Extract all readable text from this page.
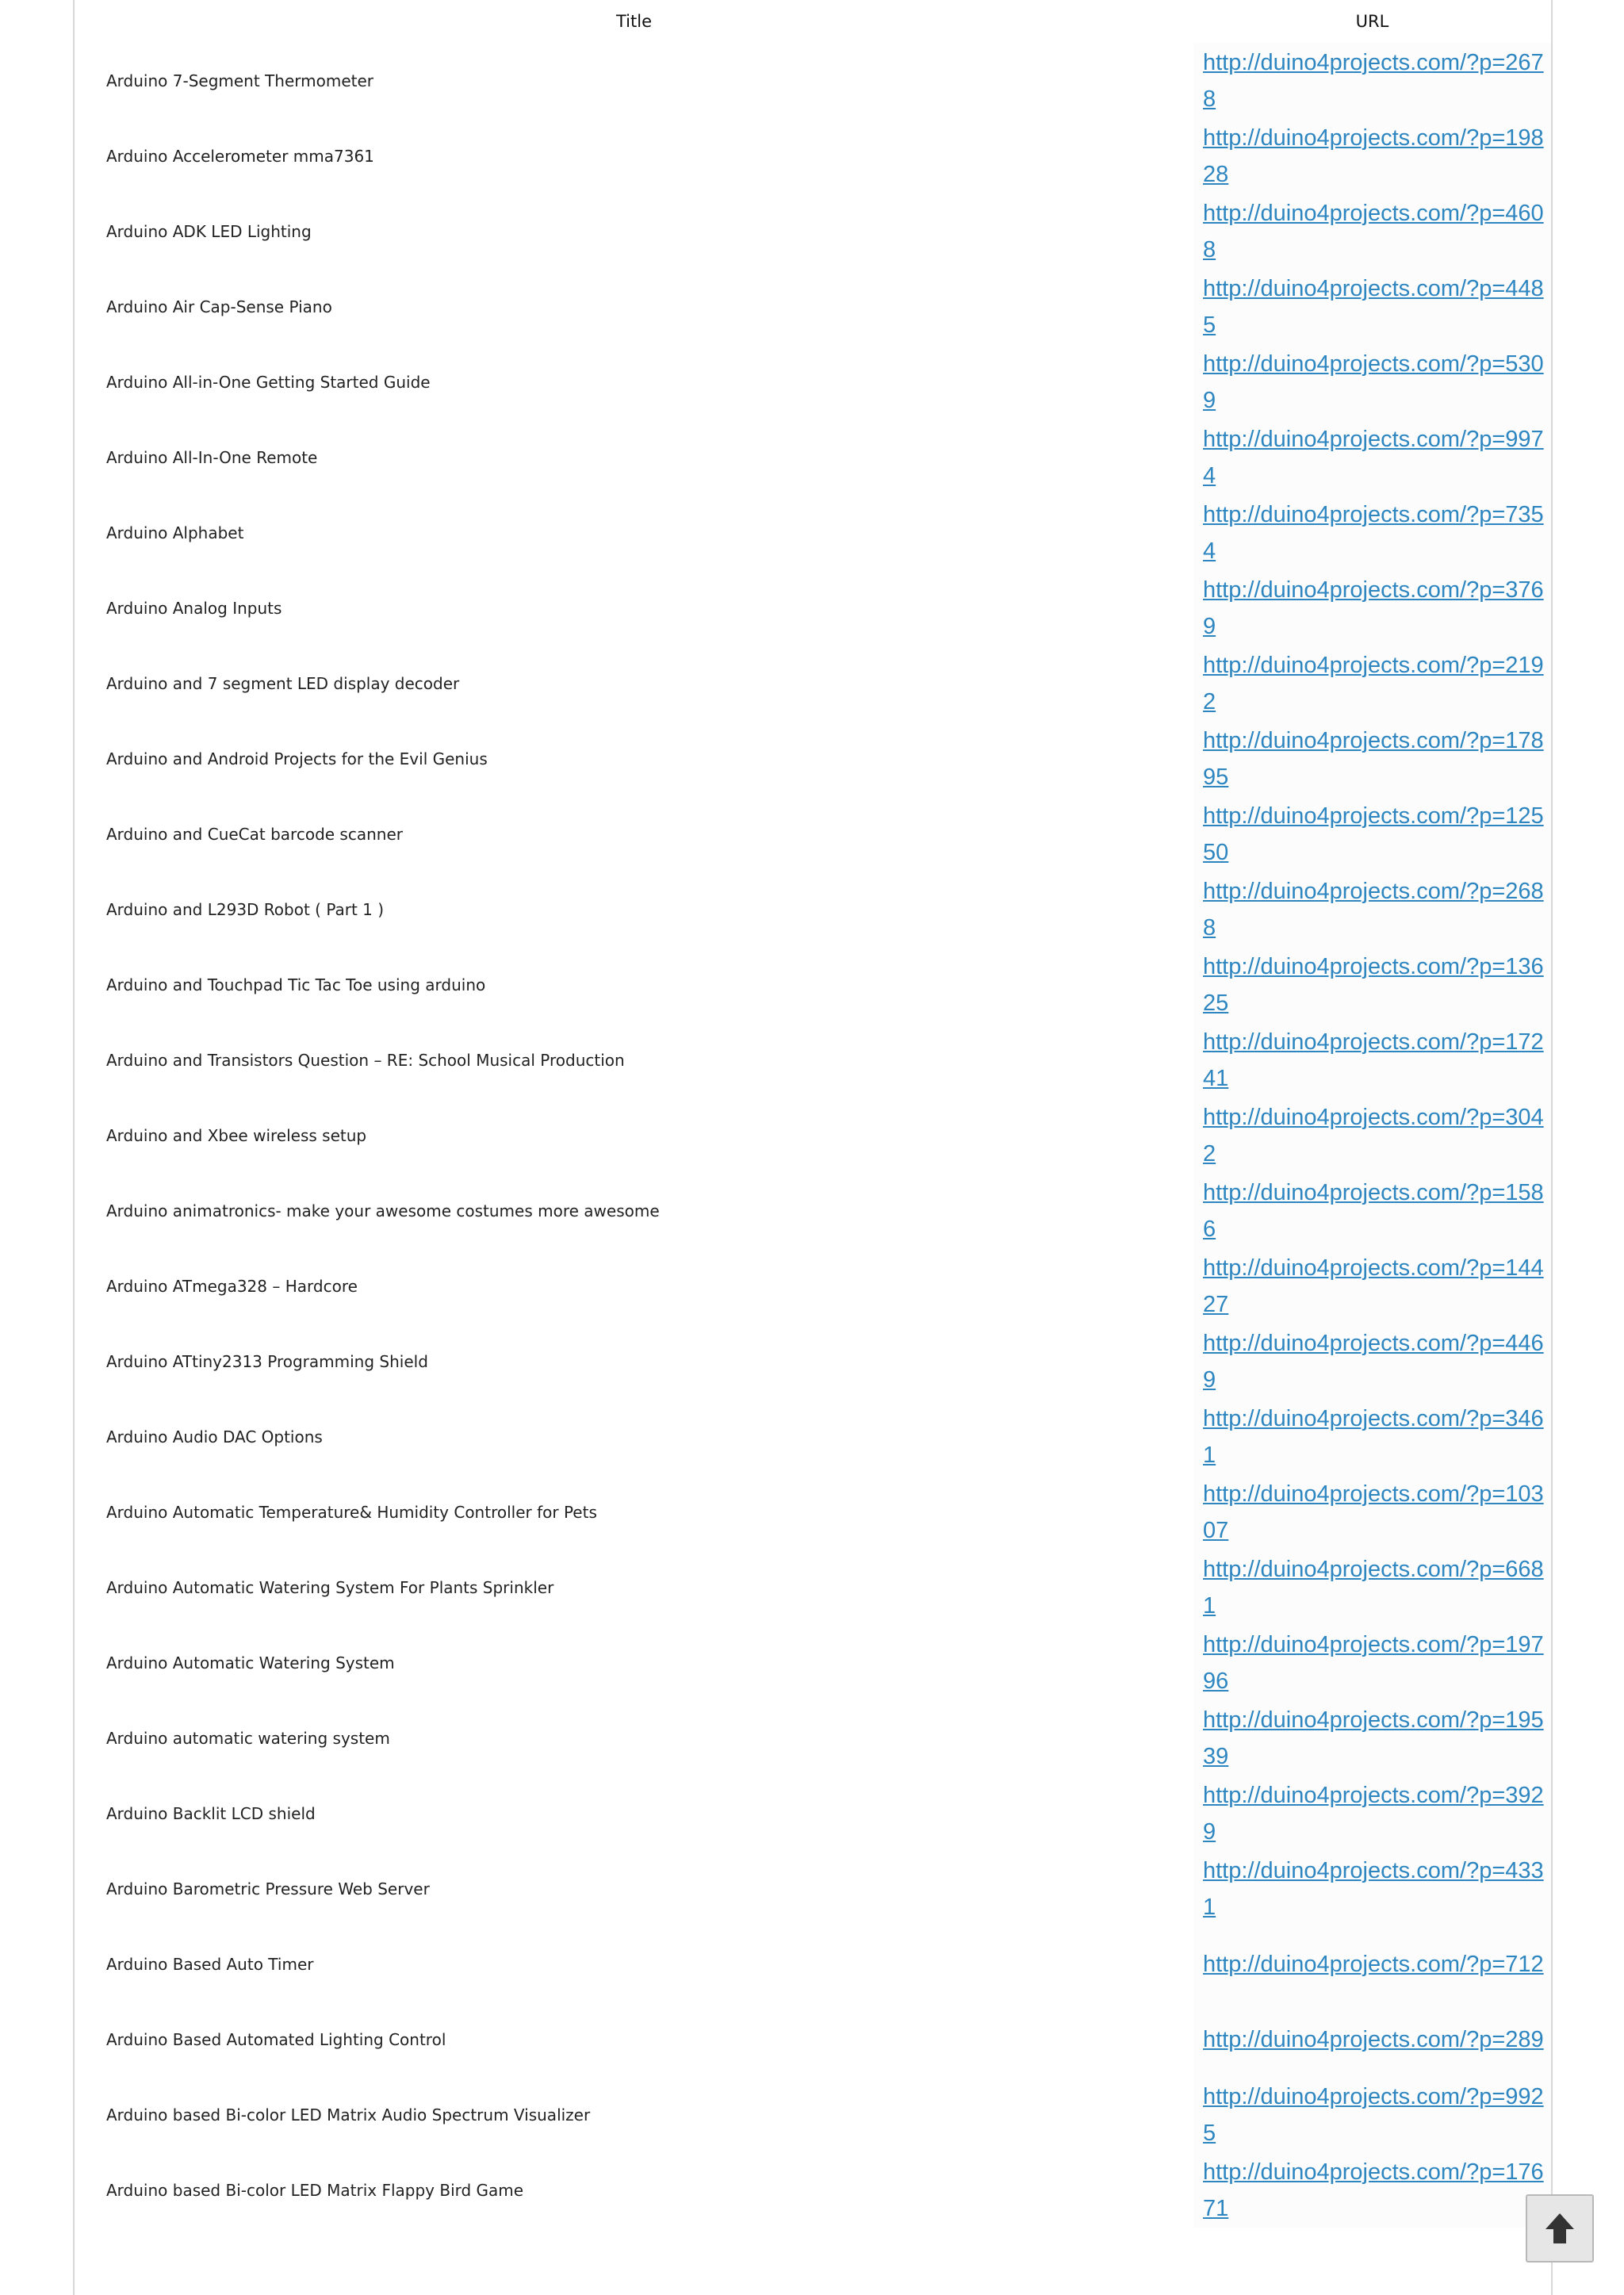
Title	URL
Arduino 7-Segment Thermometer	http://duino4projects.com/?p=2678

Arduino Accelerometer mma7361	http://duino4projects.com/?p=19828

Arduino ADK LED Lighting	http://duino4projects.com/?p=4608

Arduino Air Cap-Sense Piano	http://duino4projects.com/?p=4485

Arduino All-in-One Getting Started Guide	http://duino4projects.com/?p=5309

Arduino All-In-One Remote	http://duino4projects.com/?p=9974

Arduino Alphabet	http://duino4projects.com/?p=7354

Arduino Analog Inputs	http://duino4projects.com/?p=3769

Arduino and 7 segment LED display decoder	http://duino4projects.com/?p=2192

Arduino and Android Projects for the Evil Genius	http://duino4projects.com/?p=17895

Arduino and CueCat barcode scanner	http://duino4projects.com/?p=12550

Arduino and L293D Robot ( Part 1 )	http://duino4projects.com/?p=2688

Arduino and Touchpad Tic Tac Toe using arduino	http://duino4projects.com/?p=13625

Arduino and Transistors Question – RE: School Musical Production	http://duino4projects.com/?p=17241

Arduino and Xbee wireless setup	http://duino4projects.com/?p=3042

Arduino animatronics- make your awesome costumes more awesome	http://duino4projects.com/?p=1586

Arduino ATmega328 – Hardcore	http://duino4projects.com/?p=14427

Arduino ATtiny2313 Programming Shield	http://duino4projects.com/?p=4469

Arduino Audio DAC Options	http://duino4projects.com/?p=3461

Arduino Automatic Temperature& Humidity Controller for Pets	http://duino4projects.com/?p=10307

Arduino Automatic Watering System For Plants Sprinkler	http://duino4projects.com/?p=6681

Arduino Automatic Watering System	http://duino4projects.com/?p=19796

Arduino automatic watering system	http://duino4projects.com/?p=19539

Arduino Backlit LCD shield	http://duino4projects.com/?p=3929

Arduino Barometric Pressure Web Server	http://duino4projects.com/?p=4331

Arduino Based Auto Timer	http://duino4projects.com/?p=712

Arduino Based Automated Lighting Control	http://duino4projects.com/?p=289

Arduino based Bi-color LED Matrix Audio Spectrum Visualizer	http://duino4projects.com/?p=9925

Arduino based Bi-color LED Matrix Flappy Bird Game	http://duino4projects.com/?p=17671
